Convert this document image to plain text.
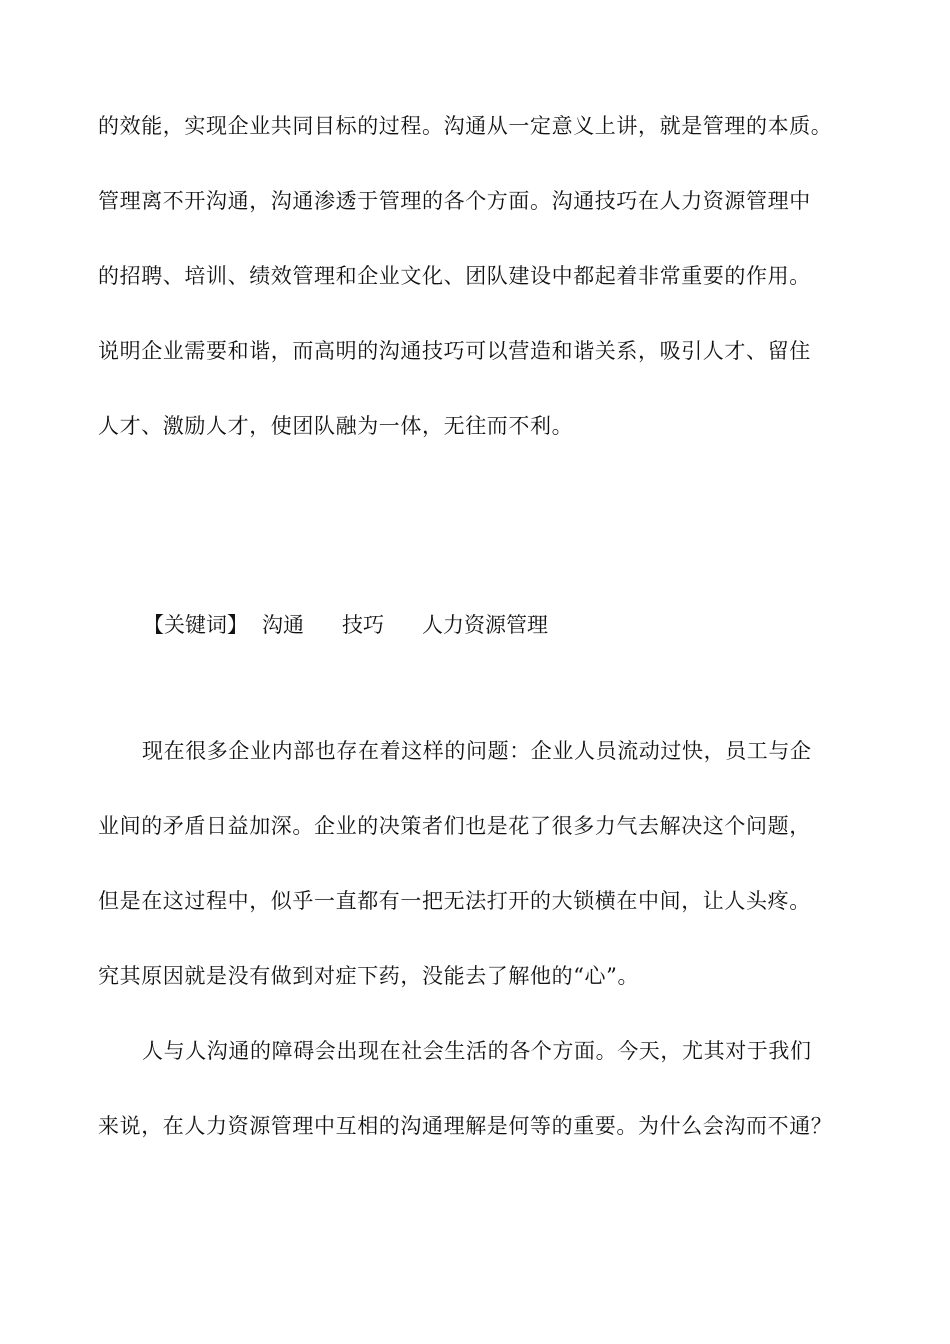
的效能，实现企业共同目标的过程。沟通从一定意义上讲，就是管理的本质。
管理离不开沟通，沟通渗透于管理的各个方面。沟通技巧在人力资源管理中
的招聘、培训、绩效管理和企业文化、团队建设中都起着非常重要的作用。
说明企业需要和谐，而高明的沟通技巧可以营造和谐关系，吸引人才、留住
人才、激励人才，使团队融为一体，无往而不利。
【关键词】 沟通 技巧 人力资源管理
现在很多企业内部也存在着这样的问题：企业人员流动过快，员工与企
业间的矛盾日益加深。企业的决策者们也是花了很多力气去解决这个问题，
但是在这过程中，似乎一直都有一把无法打开的大锁横在中间，让人头疼。
究其原因就是没有做到对症下药，没能去了解他的“心”。
人与人沟通的障碍会出现在社会生活的各个方面。今天，尤其对于我们
来说，在人力资源管理中互相的沟通理解是何等的重要。为什么会沟而不通？
